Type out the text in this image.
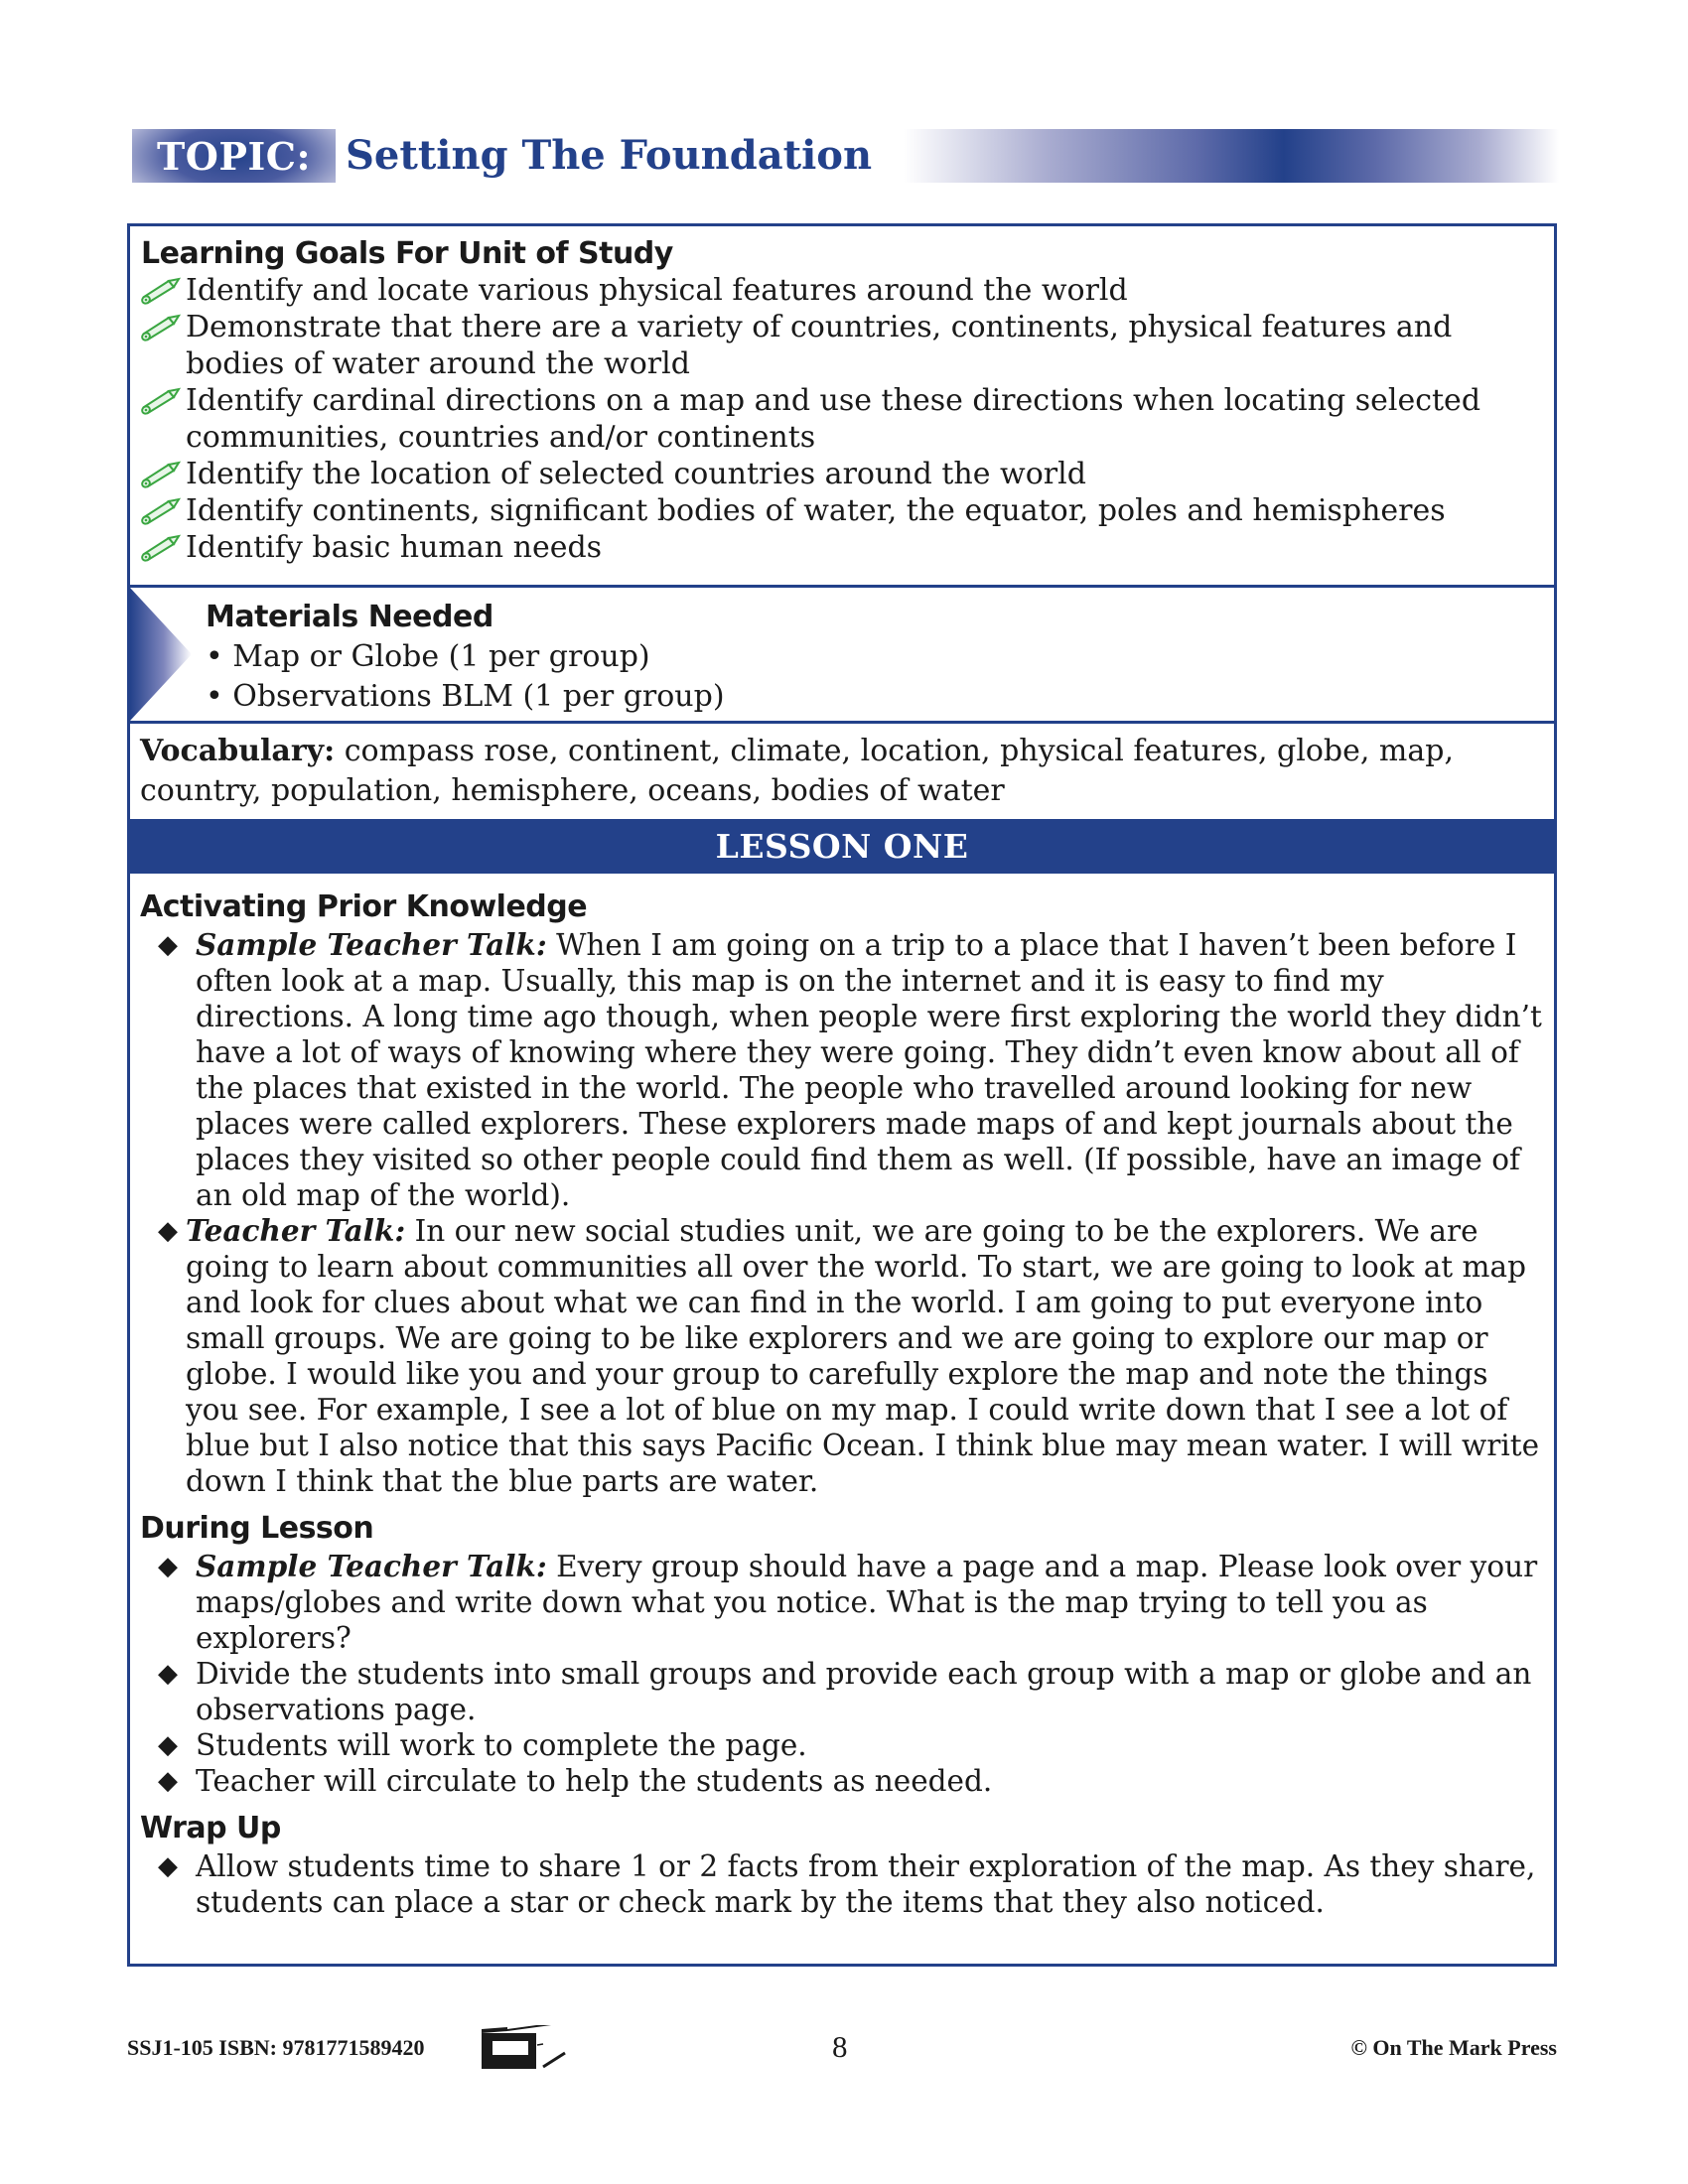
TOPIC: Setting The Foundation
Learning Goals For Unit of Study
Identify and locate various physical features around the world
Demonstrate that there are a variety of countries, continents, physical features and bodies of water around the world
Identify cardinal directions on a map and use these directions when locating selected communities, countries and/or continents
Identify the location of selected countries around the world
Identify continents, significant bodies of water, the equator, poles and hemispheres
Identify basic human needs
Materials Needed
• Map or Globe (1 per group)
• Observations BLM (1 per group)

Vocabulary: compass rose, continent, climate, location, physical features, globe, map, country, population, hemisphere, oceans, bodies of water

LESSON ONE
Activating Prior Knowledge
◆ Sample Teacher Talk: When I am going on a trip to a place that I haven’t been before I often look at a map. Usually, this map is on the internet and it is easy to find my directions. A long time ago though, when people were first exploring the world they didn’t have a lot of ways of knowing where they were going. They didn’t even know about all of the places that existed in the world. The people who travelled around looking for new places were called explorers. These explorers made maps of and kept journals about the places they visited so other people could find them as well. (If possible, have an image of an old map of the world).
◆ Teacher Talk: In our new social studies unit, we are going to be the explorers. We are going to learn about communities all over the world. To start, we are going to look at map and look for clues about what we can find in the world. I am going to put everyone into small groups. We are going to be like explorers and we are going to explore our map or globe. I would like you and your group to carefully explore the map and note the things you see. For example, I see a lot of blue on my map. I could write down that I see a lot of blue but I also notice that this says Pacific Ocean. I think blue may mean water. I will write down I think that the blue parts are water.
During Lesson
◆ Sample Teacher Talk: Every group should have a page and a map. Please look over your maps/globes and write down what you notice. What is the map trying to tell you as explorers?
◆ Divide the students into small groups and provide each group with a map or globe and an observations page.
◆ Students will work to complete the page.
◆ Teacher will circulate to help the students as needed.
Wrap Up
◆ Allow students time to share 1 or 2 facts from their exploration of the map. As they share, students can place a star or check mark by the items that they also noticed.
SSJ1-105 ISBN: 9781771589420	8	© On The Mark Press
